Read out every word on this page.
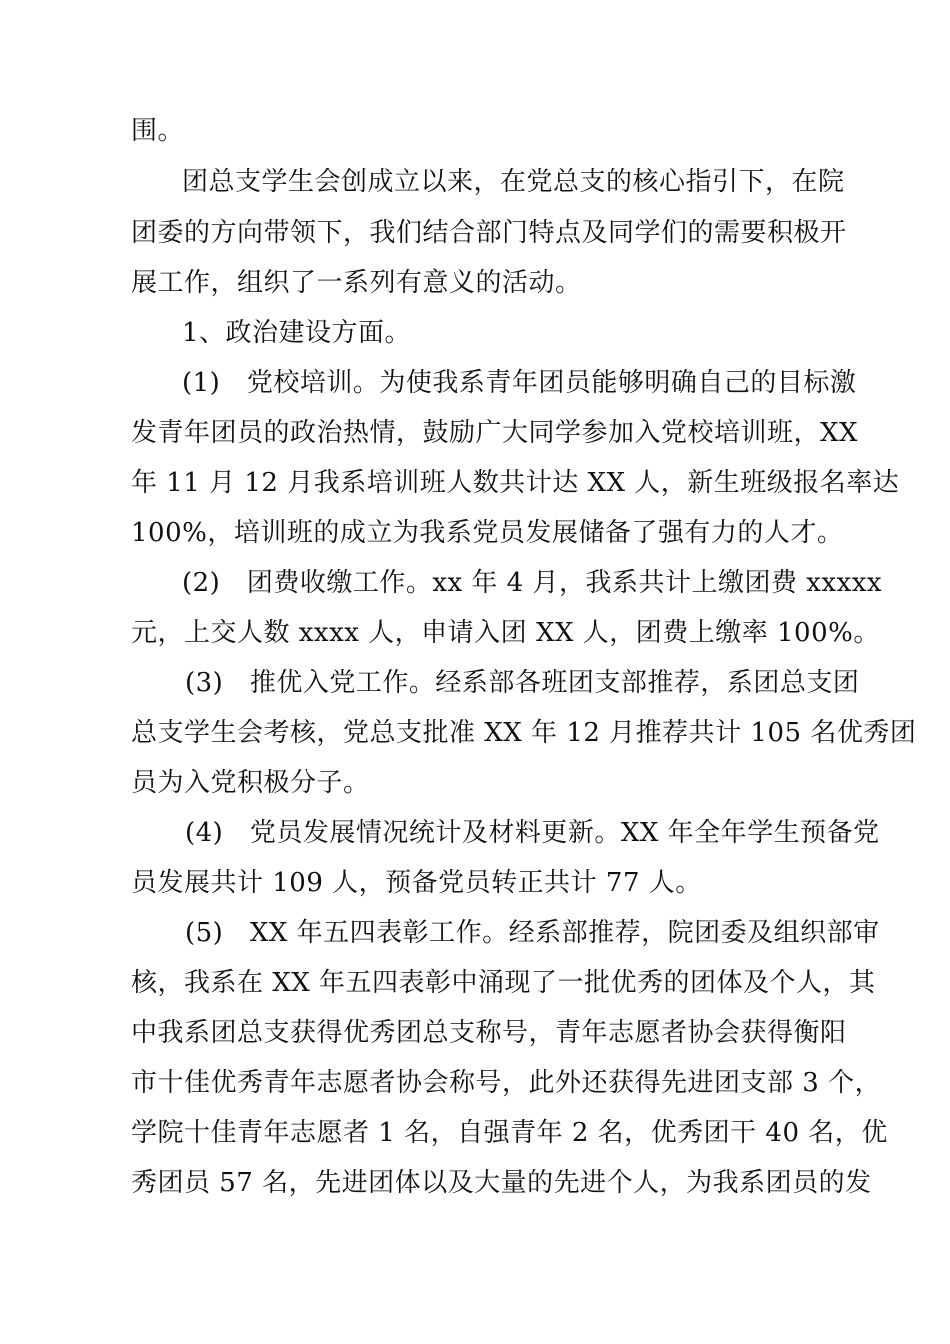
围。
团总支学生会创成立以来，在党总支的核心指引下，在院
团委的方向带领下，我们结合部门特点及同学们的需要积极开
展工作，组织了一系列有意义的活动。
1、政治建设方面。
(1)　党校培训。为使我系青年团员能够明确自己的目标激
发青年团员的政治热情，鼓励广大同学参加入党校培训班，XX
年 11 月 12 月我系培训班人数共计达 XX 人，新生班级报名率达
100%，培训班的成立为我系党员发展储备了强有力的人才。
(2)　团费收缴工作。xx 年 4 月，我系共计上缴团费 xxxxx
元，上交人数 xxxx 人，申请入团 XX 人，团费上缴率 100%。
(3)　推优入党工作。经系部各班团支部推荐，系团总支团
总支学生会考核，党总支批准 XX 年 12 月推荐共计 105 名优秀团
员为入党积极分子。
(4)　党员发展情况统计及材料更新。XX 年全年学生预备党
员发展共计 109 人，预备党员转正共计 77 人。
(5)　XX 年五四表彰工作。经系部推荐，院团委及组织部审
核，我系在 XX 年五四表彰中涌现了一批优秀的团体及个人，其
中我系团总支获得优秀团总支称号，青年志愿者协会获得衡阳
市十佳优秀青年志愿者协会称号，此外还获得先进团支部 3 个，
学院十佳青年志愿者 1 名，自强青年 2 名，优秀团干 40 名，优
秀团员 57 名，先进团体以及大量的先进个人，为我系团员的发
